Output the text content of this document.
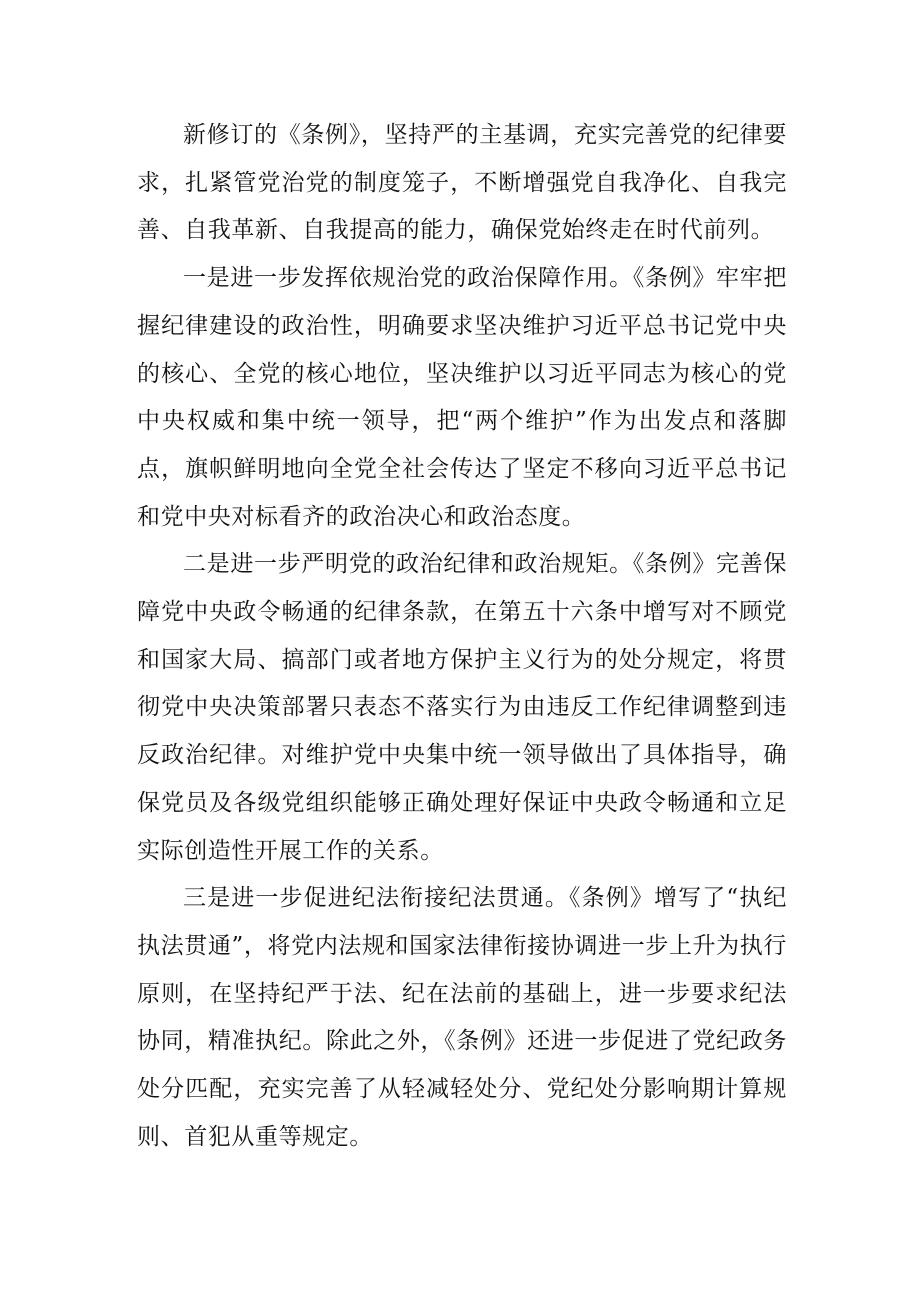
新修订的《条例》，坚持严的主基调，充实完善党的纪律要求，扎紧管党治党的制度笼子，不断增强党自我净化、自我完善、自我革新、自我提高的能力，确保党始终走在时代前列。

一是进一步发挥依规治党的政治保障作用。《条例》牢牢把握纪律建设的政治性，明确要求坚决维护习近平总书记党中央的核心、全党的核心地位，坚决维护以习近平同志为核心的党中央权威和集中统一领导，把“两个维护”作为出发点和落脚点，旗帜鲜明地向全党全社会传达了坚定不移向习近平总书记和党中央对标看齐的政治决心和政治态度。

二是进一步严明党的政治纪律和政治规矩。《条例》完善保障党中央政令畅通的纪律条款，在第五十六条中增写对不顾党和国家大局、搞部门或者地方保护主义行为的处分规定，将贯彻党中央决策部署只表态不落实行为由违反工作纪律调整到违反政治纪律。对维护党中央集中统一领导做出了具体指导，确保党员及各级党组织能够正确处理好保证中央政令畅通和立足实际创造性开展工作的关系。

三是进一步促进纪法衔接纪法贯通。《条例》增写了“执纪执法贯通”，将党内法规和国家法律衔接协调进一步上升为执行原则，在坚持纪严于法、纪在法前的基础上，进一步要求纪法协同，精准执纪。除此之外，《条例》还进一步促进了党纪政务处分匹配，充实完善了从轻减轻处分、党纪处分影响期计算规则、首犯从重等规定。
